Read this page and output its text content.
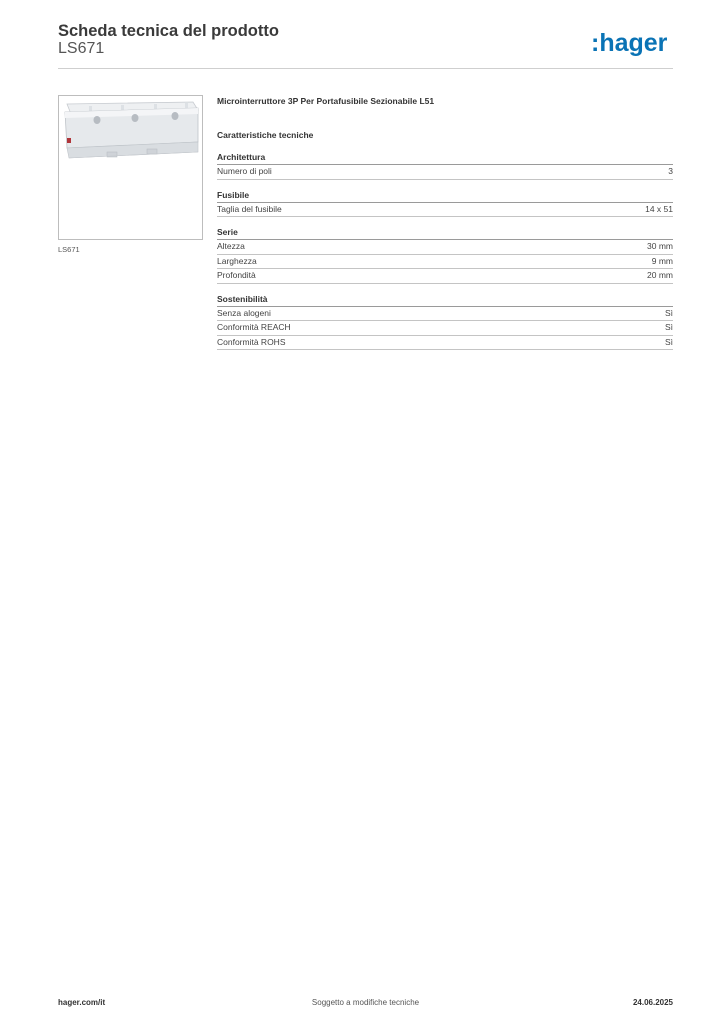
Scheda tecnica del prodotto
LS671	:hager
LS671
Microinterruttore 3P Per Portafusibile Sezionabile L51
Caratteristiche tecniche
Architettura
Numero di poli	3
Fusibile
Taglia del fusibile	14 x 51
Serie
Altezza	30 mm
Larghezza	9 mm
Profondità	20 mm
Sostenibilità
Senza alogeni	Sì
Conformità REACH	Sì
Conformità ROHS	Sì
hager.com/it	Soggetto a modifiche tecniche	24.06.2025
